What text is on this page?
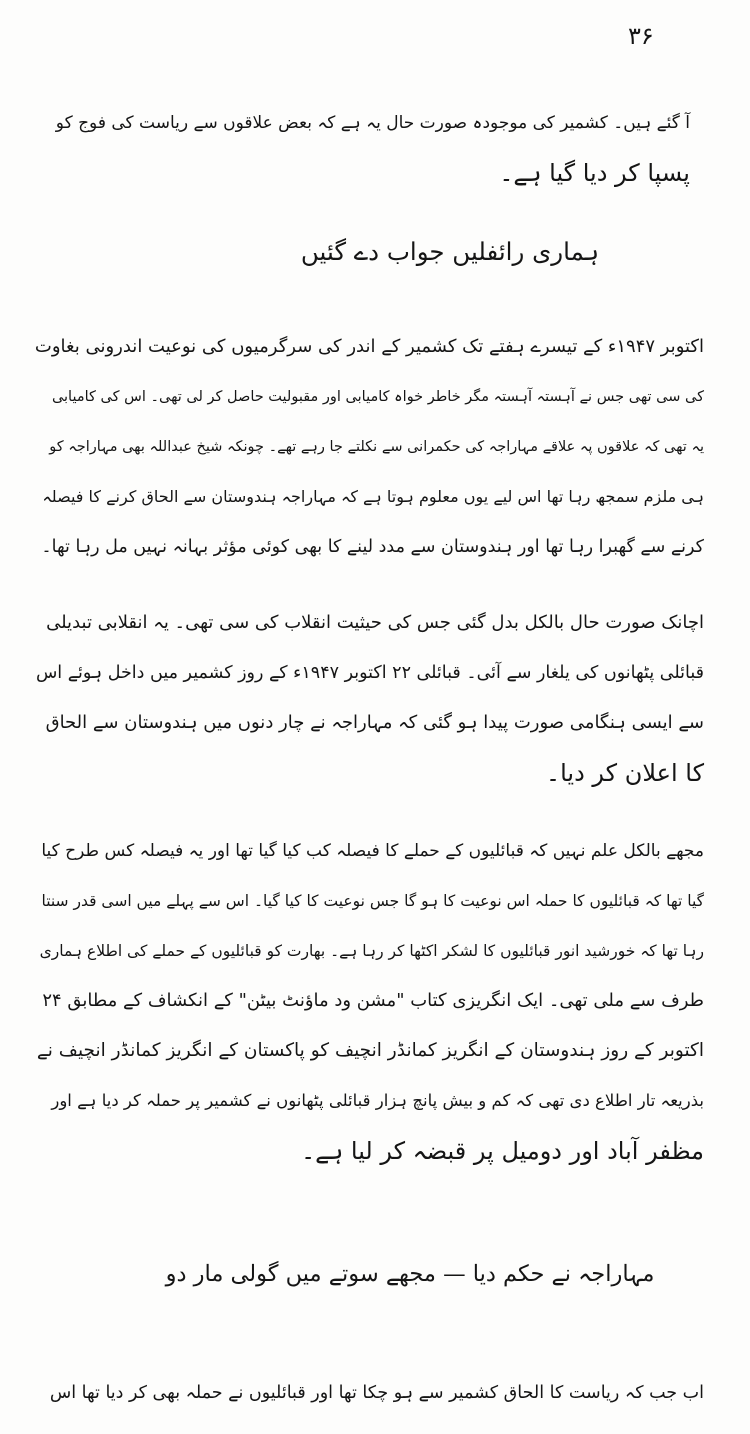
۳۶
آ گئے ہیں۔ کشمیر کی موجودہ صورت حال یہ ہے کہ بعض علاقوں سے ریاست کی فوج کو
پسپا کر دیا گیا ہے۔
ہماری رائفلیں جواب دے گئیں
اکتوبر ۱۹۴۷ء کے تیسرے ہفتے تک کشمیر کے اندر کی سرگرمیوں کی نوعیت اندرونی بغاوت
کی سی تھی جس نے آہستہ آہستہ مگر خاطر خواہ کامیابی اور مقبولیت حاصل کر لی تھی۔ اس کی کامیابی
یہ تھی کہ علاقوں پہ علاقے مہاراجہ کی حکمرانی سے نکلتے جا رہے تھے۔ چونکہ شیخ عبداللہ بھی مہاراجہ کو
ہی ملزم سمجھ رہا تھا اس لیے یوں معلوم ہوتا ہے کہ مہاراجہ ہندوستان سے الحاق کرنے کا فیصلہ
کرنے سے گھبرا رہا تھا اور ہندوستان سے مدد لینے کا بھی کوئی مؤثر بہانہ نہیں مل رہا تھا۔
اچانک صورت حال بالکل بدل گئی جس کی حیثیت انقلاب کی سی تھی۔ یہ انقلابی تبدیلی
قبائلی پٹھانوں کی یلغار سے آئی۔ قبائلی ۲۲ اکتوبر ۱۹۴۷ء کے روز کشمیر میں داخل ہوئے اس
سے ایسی ہنگامی صورت پیدا ہو گئی کہ مہاراجہ نے چار دنوں میں ہندوستان سے الحاق
کا اعلان کر دیا۔
مجھے بالکل علم نہیں کہ قبائلیوں کے حملے کا فیصلہ کب کیا گیا تھا اور یہ فیصلہ کس طرح کیا
گیا تھا کہ قبائلیوں کا حملہ اس نوعیت کا ہو گا جس نوعیت کا کیا گیا۔ اس سے پہلے میں اسی قدر سنتا
رہا تھا کہ خورشید انور قبائلیوں کا لشکر اکٹھا کر رہا ہے۔ بھارت کو قبائلیوں کے حملے کی اطلاع ہماری
طرف سے ملی تھی۔ ایک انگریزی کتاب "مشن ود ماؤنٹ بیٹن" کے انکشاف کے مطابق ۲۴
اکتوبر کے روز ہندوستان کے انگریز کمانڈر انچیف کو پاکستان کے انگریز کمانڈر انچیف نے
بذریعہ تار اطلاع دی تھی کہ کم و بیش پانچ ہزار قبائلی پٹھانوں نے کشمیر پر حملہ کر دیا ہے اور
مظفر آباد اور دومیل پر قبضہ کر لیا ہے۔
مہاراجہ نے حکم دیا — مجھے سوتے میں گولی مار دو
اب جب کہ ریاست کا الحاق کشمیر سے ہو چکا تھا اور قبائلیوں نے حملہ بھی کر دیا تھا اس
